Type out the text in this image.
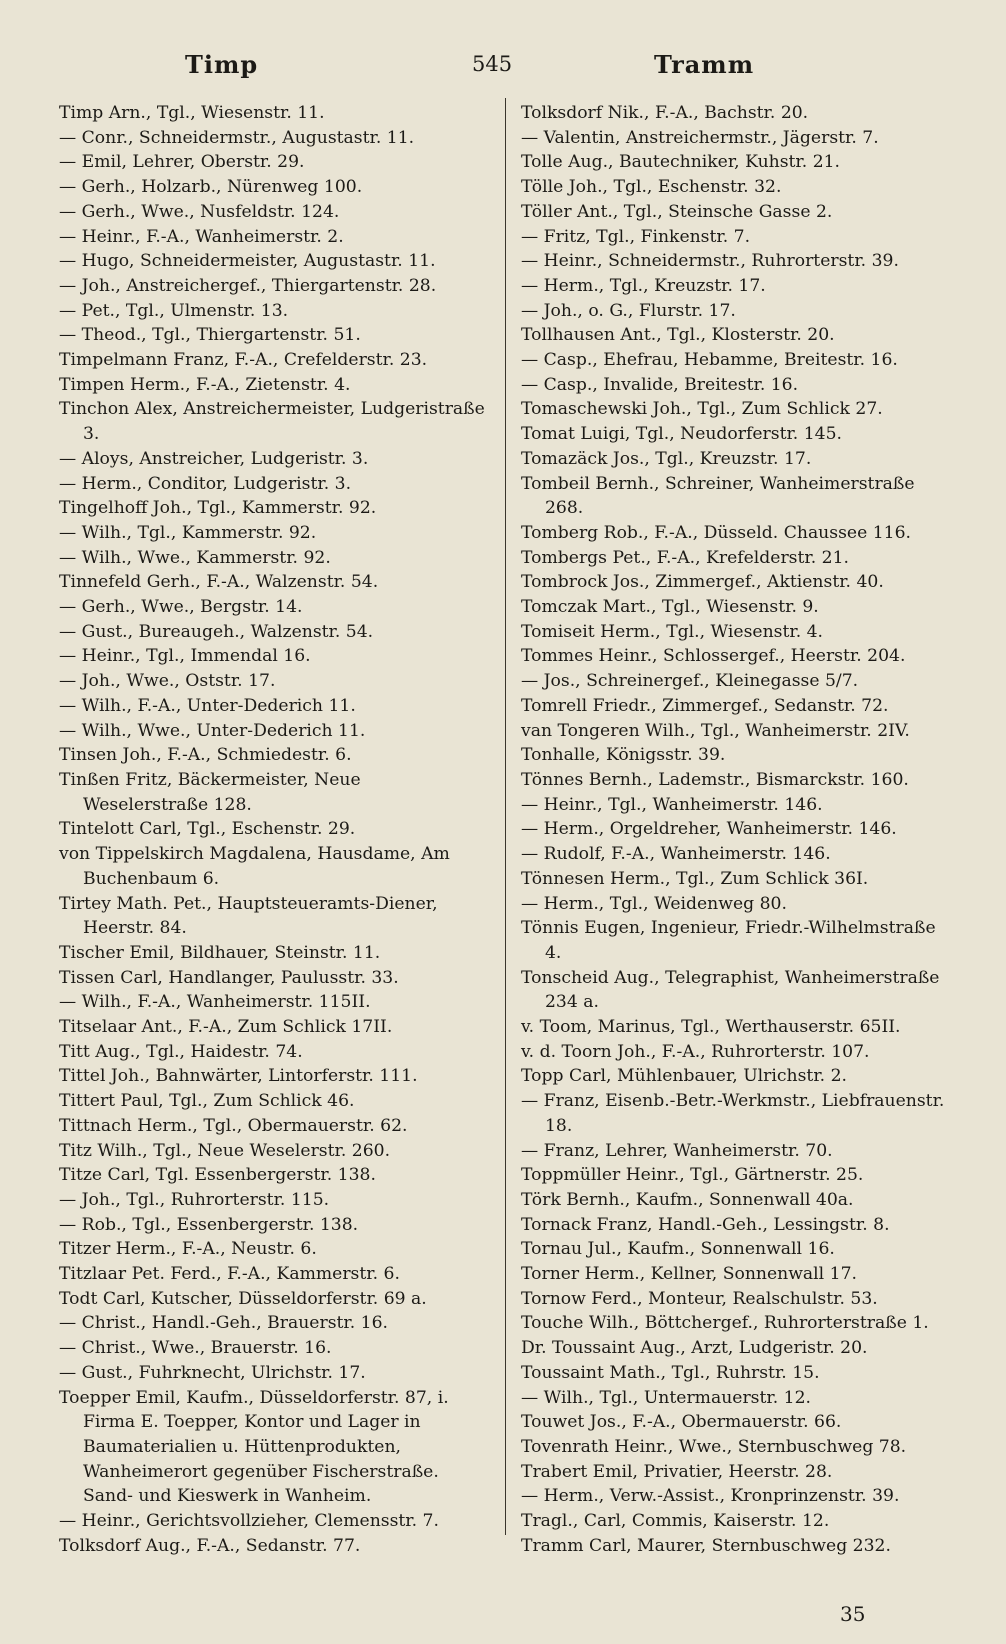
Timp	545	Tramm
Timp Arn., Tgl., Wiesenstr. 11.
— Conr., Schneidermstr., Augustastr. 11.
— Emil, Lehrer, Oberstr. 29.
— Gerh., Holzarb., Nürenweg 100.
— Gerh., Wwe., Nusfeldstr. 124.
— Heinr., F.-A., Wanheimerstr. 2.
— Hugo, Schneidermeister, Augustastr. 11.
— Joh., Anstreichergef., Thiergartenstr. 28.
— Pet., Tgl., Ulmenstr. 13.
— Theod., Tgl., Thiergartenstr. 51.
Timpelmann Franz, F.-A., Crefelderstr. 23.
Timpen Herm., F.-A., Zietenstr. 4.
Tinchon Alex, Anstreichermeister, Ludgeristraße 3.
— Aloys, Anstreicher, Ludgeristr. 3.
— Herm., Conditor, Ludgeristr. 3.
Tingelhoff Joh., Tgl., Kammerstr. 92.
— Wilh., Tgl., Kammerstr. 92.
— Wilh., Wwe., Kammerstr. 92.
Tinnefeld Gerh., F.-A., Walzenstr. 54.
— Gerh., Wwe., Bergstr. 14.
— Gust., Bureaugeh., Walzenstr. 54.
— Heinr., Tgl., Immendal 16.
— Joh., Wwe., Oststr. 17.
— Wilh., F.-A., Unter-Dederich 11.
— Wilh., Wwe., Unter-Dederich 11.
Tinsen Joh., F.-A., Schmiedestr. 6.
Tinßen Fritz, Bäckermeister, Neue Weselerstraße 128.
Tintelott Carl, Tgl., Eschenstr. 29.
von Tippelskirch Magdalena, Hausdame, Am Buchenbaum 6.
Tirtey Math. Pet., Hauptsteueramts-Diener, Heerstr. 84.
Tischer Emil, Bildhauer, Steinstr. 11.
Tissen Carl, Handlanger, Paulusstr. 33.
— Wilh., F.-A., Wanheimerstr. 115II.
Titselaar Ant., F.-A., Zum Schlick 17II.
Titt Aug., Tgl., Haidestr. 74.
Tittel Joh., Bahnwärter, Lintorferstr. 111.
Tittert Paul, Tgl., Zum Schlick 46.
Tittnach Herm., Tgl., Obermauerstr. 62.
Titz Wilh., Tgl., Neue Weselerstr. 260.
Titze Carl, Tgl. Essenbergerstr. 138.
— Joh., Tgl., Ruhrorterstr. 115.
— Rob., Tgl., Essenbergerstr. 138.
Titzer Herm., F.-A., Neustr. 6.
Titzlaar Pet. Ferd., F.-A., Kammerstr. 6.
Todt Carl, Kutscher, Düsseldorferstr. 69 a.
— Christ., Handl.-Geh., Brauerstr. 16.
— Christ., Wwe., Brauerstr. 16.
— Gust., Fuhrknecht, Ulrichstr. 17.
Toepper Emil, Kaufm., Düsseldorferstr. 87, i. Firma E. Toepper, Kontor und Lager in Baumaterialien u. Hüttenprodukten, Wanheimerort gegenüber Fischerstraße. Sand- und Kieswerk in Wanheim.
— Heinr., Gerichtsvollzieher, Clemensstr. 7.
Tolksdorf Aug., F.-A., Sedanstr. 77.
Tolksdorf Nik., F.-A., Bachstr. 20.
— Valentin, Anstreichermstr., Jägerstr. 7.
Tolle Aug., Bautechniker, Kuhstr. 21.
Tölle Joh., Tgl., Eschenstr. 32.
Töller Ant., Tgl., Steinsche Gasse 2.
— Fritz, Tgl., Finkenstr. 7.
— Heinr., Schneidermstr., Ruhrorterstr. 39.
— Herm., Tgl., Kreuzstr. 17.
— Joh., o. G., Flurstr. 17.
Tollhausen Ant., Tgl., Klosterstr. 20.
— Casp., Ehefrau, Hebamme, Breitestr. 16.
— Casp., Invalide, Breitestr. 16.
Tomaschewski Joh., Tgl., Zum Schlick 27.
Tomat Luigi, Tgl., Neudorferstr. 145.
Tomazäck Jos., Tgl., Kreuzstr. 17.
Tombeil Bernh., Schreiner, Wanheimerstraße 268.
Tomberg Rob., F.-A., Düsseld. Chaussee 116.
Tombergs Pet., F.-A., Krefelderstr. 21.
Tombrock Jos., Zimmergef., Aktienstr. 40.
Tomczak Mart., Tgl., Wiesenstr. 9.
Tomiseit Herm., Tgl., Wiesenstr. 4.
Tommes Heinr., Schlossergef., Heerstr. 204.
— Jos., Schreinergef., Kleinegasse 5/7.
Tomrell Friedr., Zimmergef., Sedanstr. 72.
van Tongeren Wilh., Tgl., Wanheimerstr. 2IV.
Tonhalle, Königsstr. 39.
Tönnes Bernh., Lademstr., Bismarckstr. 160.
— Heinr., Tgl., Wanheimerstr. 146.
— Herm., Orgeldreher, Wanheimerstr. 146.
— Rudolf, F.-A., Wanheimerstr. 146.
Tönnesen Herm., Tgl., Zum Schlick 36I.
— Herm., Tgl., Weidenweg 80.
Tönnis Eugen, Ingenieur, Friedr.-Wilhelmstraße 4.
Tonscheid Aug., Telegraphist, Wanheimerstraße 234 a.
v. Toom, Marinus, Tgl., Werthauserstr. 65II.
v. d. Toorn Joh., F.-A., Ruhrorterstr. 107.
Topp Carl, Mühlenbauer, Ulrichstr. 2.
— Franz, Eisenb.-Betr.-Werkmstr., Liebfrauenstr. 18.
— Franz, Lehrer, Wanheimerstr. 70.
Toppmüller Heinr., Tgl., Gärtnerstr. 25.
Törk Bernh., Kaufm., Sonnenwall 40a.
Tornack Franz, Handl.-Geh., Lessingstr. 8.
Tornau Jul., Kaufm., Sonnenwall 16.
Torner Herm., Kellner, Sonnenwall 17.
Tornow Ferd., Monteur, Realschulstr. 53.
Touche Wilh., Böttchergef., Ruhrorterstraße 1.
Dr. Toussaint Aug., Arzt, Ludgeristr. 20.
Toussaint Math., Tgl., Ruhrstr. 15.
— Wilh., Tgl., Untermauerstr. 12.
Touwet Jos., F.-A., Obermauerstr. 66.
Tovenrath Heinr., Wwe., Sternbuschweg 78.
Trabert Emil, Privatier, Heerstr. 28.
— Herm., Verw.-Assist., Kronprinzenstr. 39.
Tragl., Carl, Commis, Kaiserstr. 12.
Tramm Carl, Maurer, Sternbuschweg 232.
35
